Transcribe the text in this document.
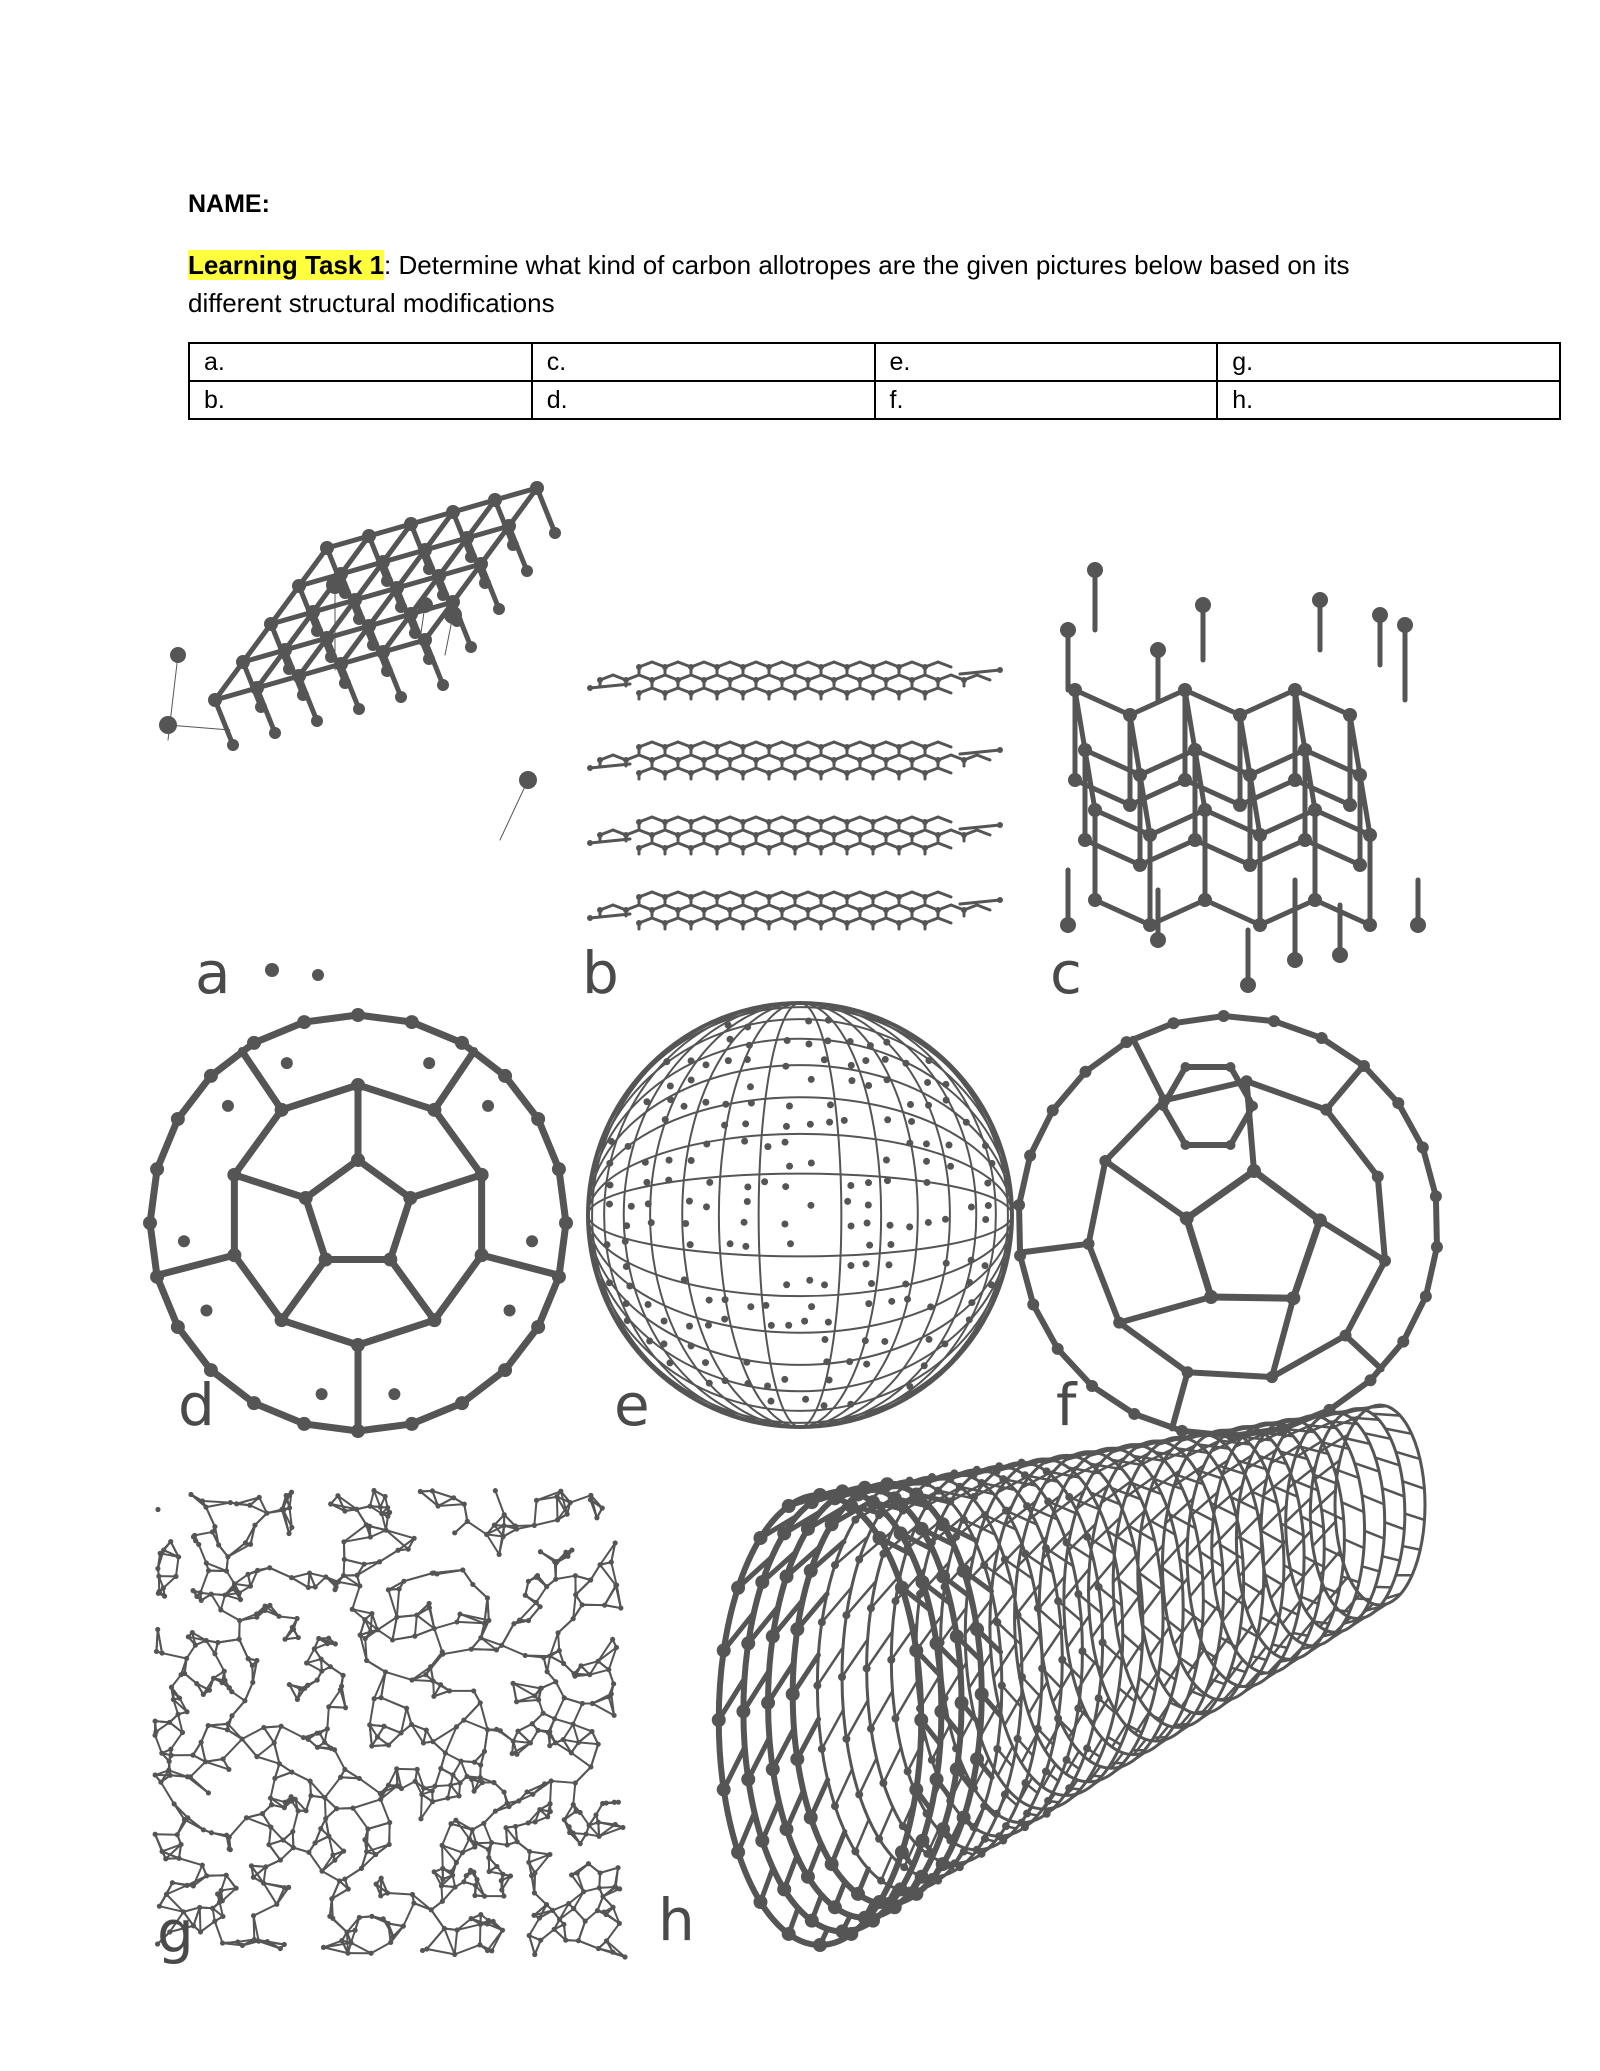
NAME:
Learning Task 1: Determine what kind of carbon allotropes are the given pictures below based on its different structural modifications
a.	c.	e.	g.
b.	d.	f.	h.
a	b	c
d	e	f
g	h
